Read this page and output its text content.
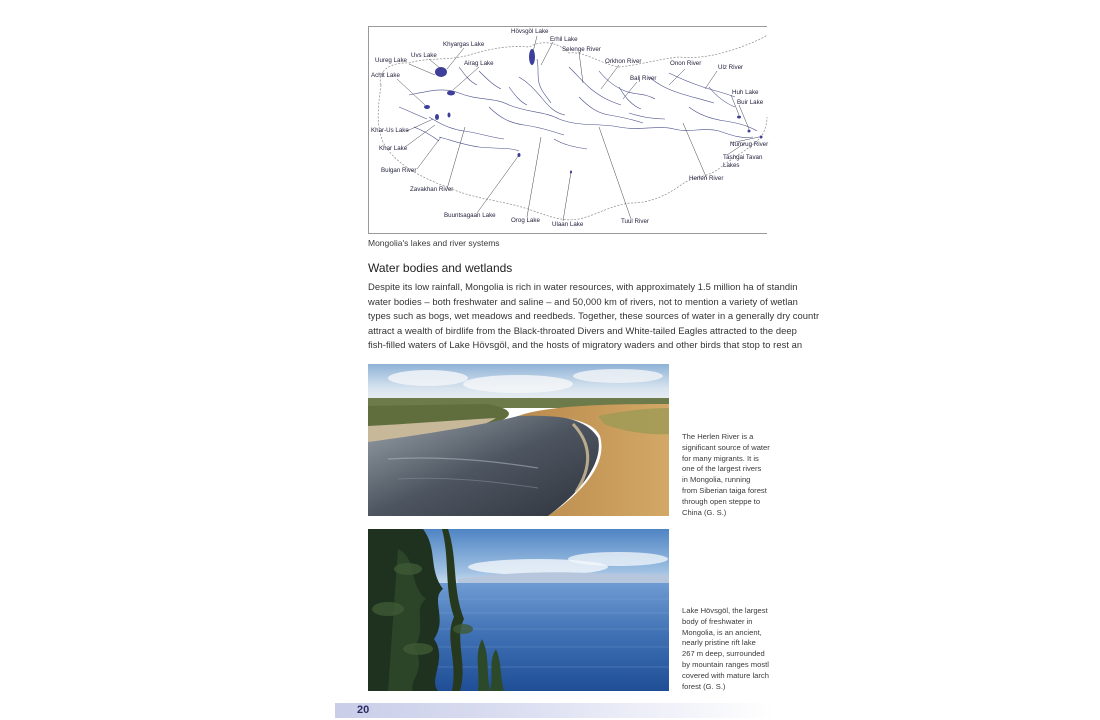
Hövsgöl Lake
Erhil Lake
Khyargas Lake
Selenge River
Uvs Lake
Uureg Lake	Airag Lake	Orkhon River	Onon River
Ulz River
Achit Lake	Balj River
Huh Lake
Buir Lake
Khar-Us Lake
Numrug River
Khar Lake
Tashgai Tavan
Lakes
Bulgan River
Herlen River
Zavakhan River
Buuntsagaan Lake
Orog Lake
Ulaan Lake	Tuul River
Mongolia's lakes and river systems
Water bodies and wetlands
Despite its low rainfall, Mongolia is rich in water resources, with approximately 1.5 million ha of standin
water bodies – both freshwater and saline – and 50,000 km of rivers, not to mention a variety of wetlan
types such as bogs, wet meadows and reedbeds. Together, these sources of water in a generally dry countr
attract a wealth of birdlife from the Black-throated Divers and White-tailed Eagles attracted to the deep
fish-filled waters of Lake Hövsgöl, and the hosts of migratory waders and other birds that stop to rest an
The Herlen River is a
significant source of water
for many migrants. It is
one of the largest rivers
in Mongolia, running
from Siberian taiga forest
through open steppe to
China (G. S.)
Lake Hövsgöl, the largest
body of freshwater in
Mongolia, is an ancient,
nearly pristine rift lake
267 m deep, surrounded
by mountain ranges mostl
covered with mature larch
forest (G. S.)
20
